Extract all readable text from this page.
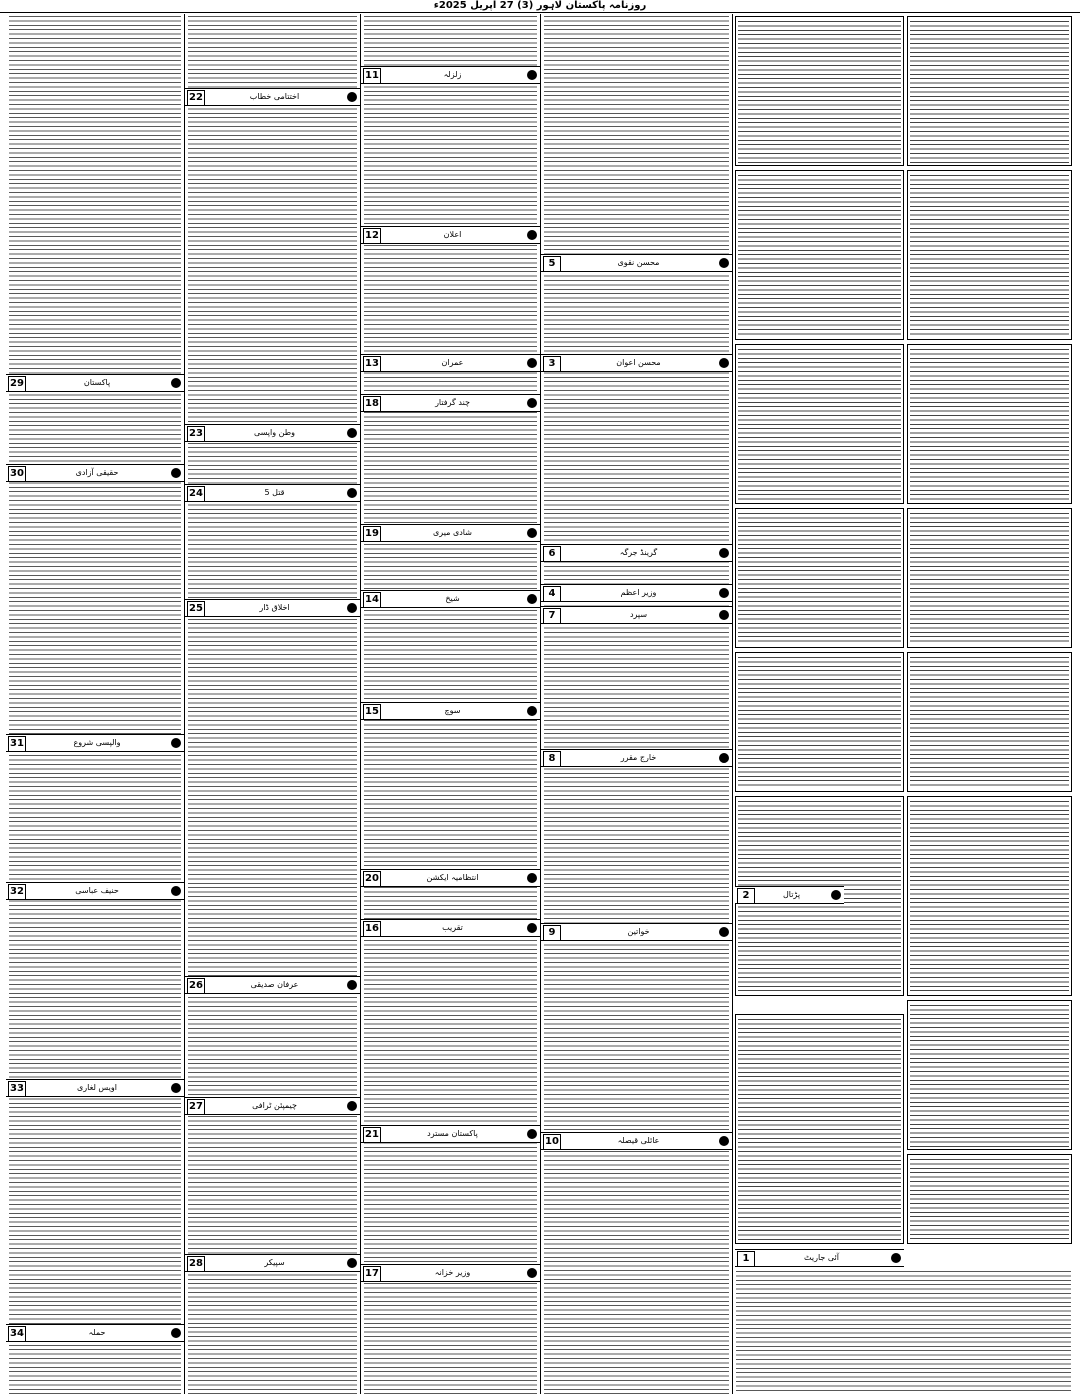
روزنامہ پاکستان لاہور (3) 27 اپریل 2025ء
29	پاکستان
30	حقیقی آزادی
31	والپسی شروع
32	حنیف عباسی
33	اویس لغاری
34	حملہ
22	اختتامی خطاب
23	وطن واپسی
24	5 قتل
25	اخلاق ڈار
26	عرفان صدیقی
27	چیمپئن ٹرافی
28	سپیکر
11	زلزلہ
12	اعلان
13	عمران
18	چند گرفتار
19	شادی میری
14	شیخ
15	سوچ
20	انتظامیہ ایکشن
16	تقریب
21	پاکستان مسترد
17	وزیر خزانہ
5	محسن نقوی
3	محسن اعوان
6	گرینڈ جرگہ
4	وزیر اعظم
7	سپرد
8	خارج مقرر
9	خواتین
10	عائلی قیصلہ
2	پڑتال
1	آئی جاریٹ
